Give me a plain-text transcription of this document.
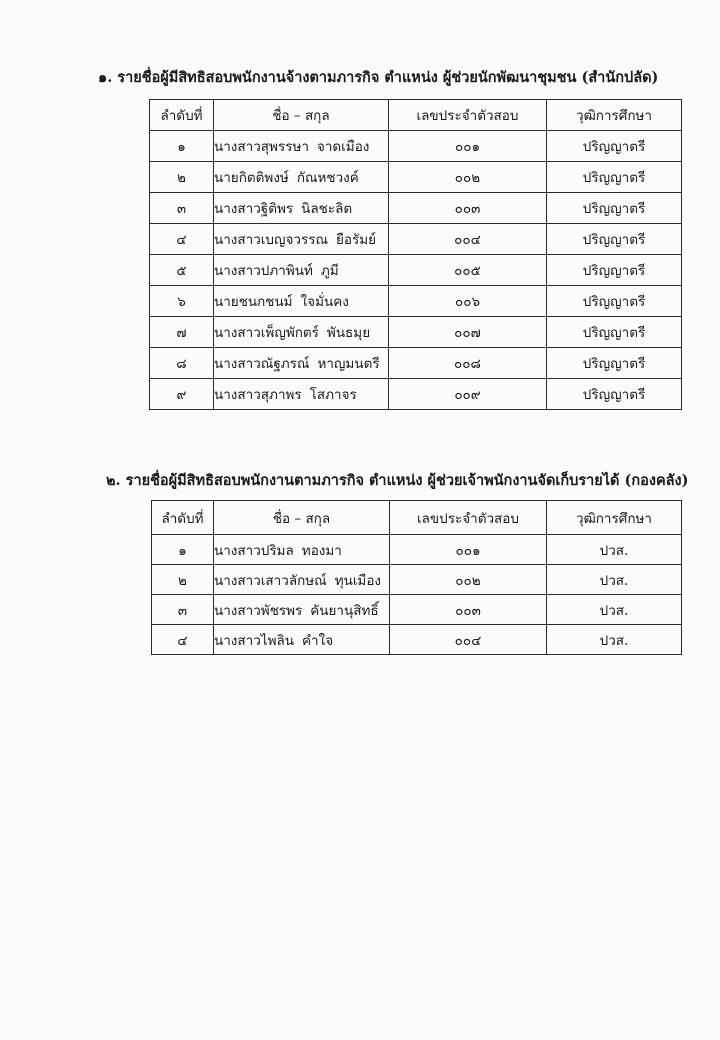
๑. รายชื่อผู้มีสิทธิสอบพนักงานจ้างตามภารกิจ ตำแหน่ง ผู้ช่วยนักพัฒนาชุมชน (สำนักปลัด)
ลำดับที่	ชื่อ – สกุล	เลขประจำตัวสอบ	วุฒิการศึกษา
๑	นางสาวสุพรรษา จาดเมือง	๐๐๑	ปริญญาตรี
๒	นายกิตติพงษ์ กัณหชวงค์	๐๐๒	ปริญญาตรี
๓	นางสาวฐิติพร นิลชะลิต	๐๐๓	ปริญญาตรี
๔	นางสาวเบญจวรรณ ยือรัมย์	๐๐๔	ปริญญาตรี
๕	นางสาวปภาพินท์ ภูมี	๐๐๕	ปริญญาตรี
๖	นายชนกชนม์ ใจมั่นคง	๐๐๖	ปริญญาตรี
๗	นางสาวเพ็ญพักตร์ พันธมุย	๐๐๗	ปริญญาตรี
๘	นางสาวณัฐภรณ์ หาญมนตรี	๐๐๘	ปริญญาตรี
๙	นางสาวสุภาพร โสภาจร	๐๐๙	ปริญญาตรี
๒. รายชื่อผู้มีสิทธิสอบพนักงานตามภารกิจ ตำแหน่ง ผู้ช่วยเจ้าพนักงานจัดเก็บรายได้ (กองคลัง)
ลำดับที่	ชื่อ – สกุล	เลขประจำตัวสอบ	วุฒิการศึกษา
๑	นางสาวปริมล ทองมา	๐๐๑	ปวส.
๒	นางสาวเสาวลักษณ์ ทุนเมือง	๐๐๒	ปวส.
๓	นางสาวพัชรพร คันยานุสิทธิ์	๐๐๓	ปวส.
๔	นางสาวไพลิน คำใจ	๐๐๔	ปวส.
